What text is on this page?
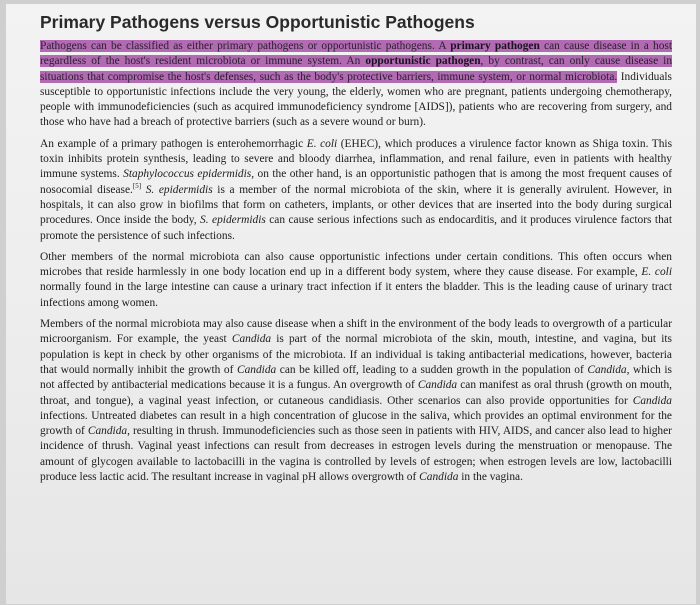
Primary Pathogens versus Opportunistic Pathogens

Pathogens can be classified as either primary pathogens or opportunistic pathogens. A primary pathogen can cause disease in a host regardless of the host's resident microbiota or immune system. An opportunistic pathogen, by contrast, can only cause disease in situations that compromise the host's defenses, such as the body's protective barriers, immune system, or normal microbiota. Individuals susceptible to opportunistic infections include the very young, the elderly, women who are pregnant, patients undergoing chemotherapy, people with immunodeficiencies (such as acquired immunodeficiency syndrome [AIDS]), patients who are recovering from surgery, and those who have had a breach of protective barriers (such as a severe wound or burn).

An example of a primary pathogen is enterohemorrhagic E. coli (EHEC), which produces a virulence factor known as Shiga toxin. This toxin inhibits protein synthesis, leading to severe and bloody diarrhea, inflammation, and renal failure, even in patients with healthy immune systems. Staphylococcus epidermidis, on the other hand, is an opportunistic pathogen that is among the most frequent causes of nosocomial disease.[5] S. epidermidis is a member of the normal microbiota of the skin, where it is generally avirulent. However, in hospitals, it can also grow in biofilms that form on catheters, implants, or other devices that are inserted into the body during surgical procedures. Once inside the body, S. epidermidis can cause serious infections such as endocarditis, and it produces virulence factors that promote the persistence of such infections.

Other members of the normal microbiota can also cause opportunistic infections under certain conditions. This often occurs when microbes that reside harmlessly in one body location end up in a different body system, where they cause disease. For example, E. coli normally found in the large intestine can cause a urinary tract infection if it enters the bladder. This is the leading cause of urinary tract infections among women.

Members of the normal microbiota may also cause disease when a shift in the environment of the body leads to overgrowth of a particular microorganism. For example, the yeast Candida is part of the normal microbiota of the skin, mouth, intestine, and vagina, but its population is kept in check by other organisms of the microbiota. If an individual is taking antibacterial medications, however, bacteria that would normally inhibit the growth of Candida can be killed off, leading to a sudden growth in the population of Candida, which is not affected by antibacterial medications because it is a fungus. An overgrowth of Candida can manifest as oral thrush (growth on mouth, throat, and tongue), a vaginal yeast infection, or cutaneous candidiasis. Other scenarios can also provide opportunities for Candida infections. Untreated diabetes can result in a high concentration of glucose in the saliva, which provides an optimal environment for the growth of Candida, resulting in thrush. Immunodeficiencies such as those seen in patients with HIV, AIDS, and cancer also lead to higher incidence of thrush. Vaginal yeast infections can result from decreases in estrogen levels during the menstruation or menopause. The amount of glycogen available to lactobacilli in the vagina is controlled by levels of estrogen; when estrogen levels are low, lactobacilli produce less lactic acid. The resultant increase in vaginal pH allows overgrowth of Candida in the vagina.
